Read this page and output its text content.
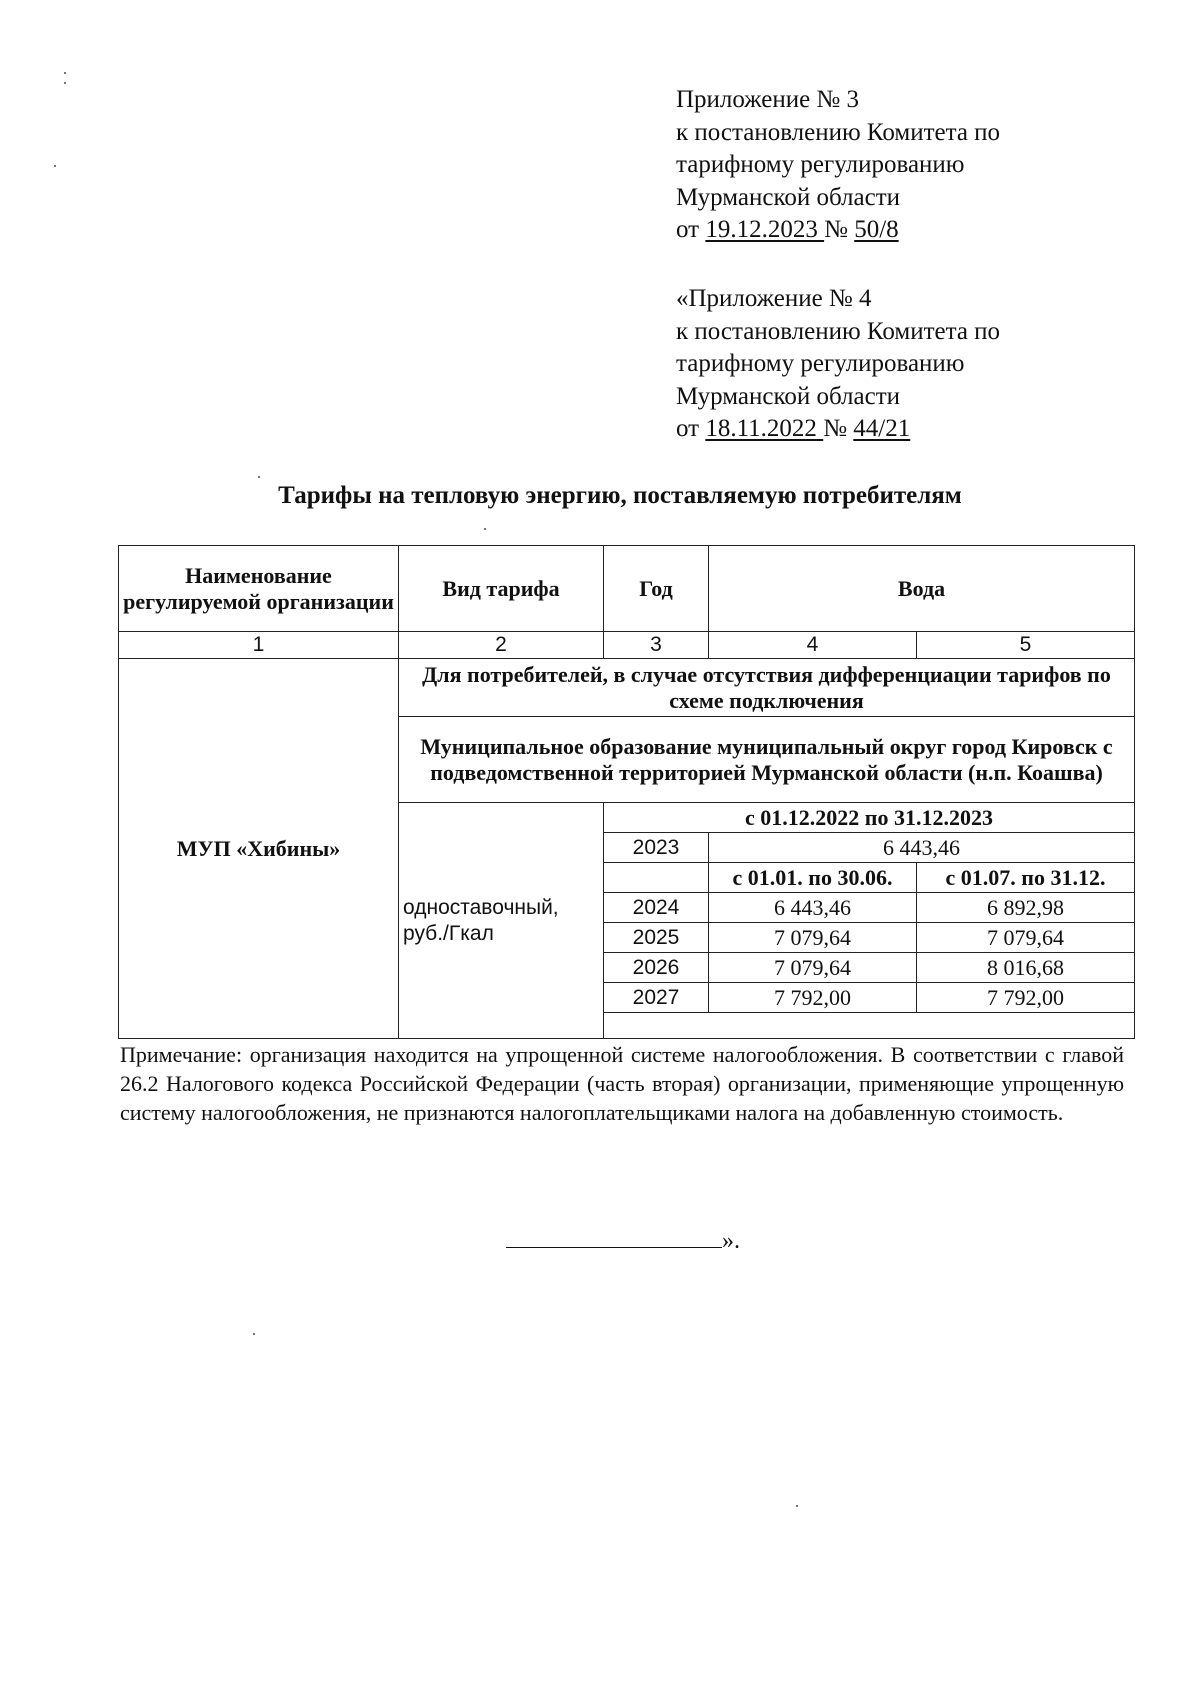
Приложение № 3
к постановлению Комитета по
тарифному регулированию
Мурманской области
от 19.12.2023 № 50/8
«Приложение № 4
к постановлению Комитета по
тарифному регулированию
Мурманской области
от 18.11.2022 № 44/21
Тарифы на тепловую энергию, поставляемую потребителям
Наименование регулируемой организации	Вид тарифа	Год	Вода	
1	2	3	4	5
МУП «Хибины»	Для потребителей, в случае отсутствия дифференциации тарифов по схеме подключения			
	Муниципальное образование муниципальный округ город Кировск с подведомственной территорией Мурманской области (н.п. Коашва)			
	одноставочный, руб./Гкал	с 01.12.2022 по 31.12.2023		
		2023	6 443,46	
			с 01.01. по 30.06.	с 01.07. по 31.12.
		2024	6 443,46	6 892,98
		2025	7 079,64	7 079,64
		2026	7 079,64	8 016,68
		2027	7 792,00	7 792,00

Примечание: организация находится на упрощенной системе налогообложения. В соответствии с главой 26.2 Налогового кодекса Российской Федерации (часть вторая) организации, применяющие упрощенную систему налогообложения, не признаются налогоплательщиками налога на добавленную стоимость.
».
